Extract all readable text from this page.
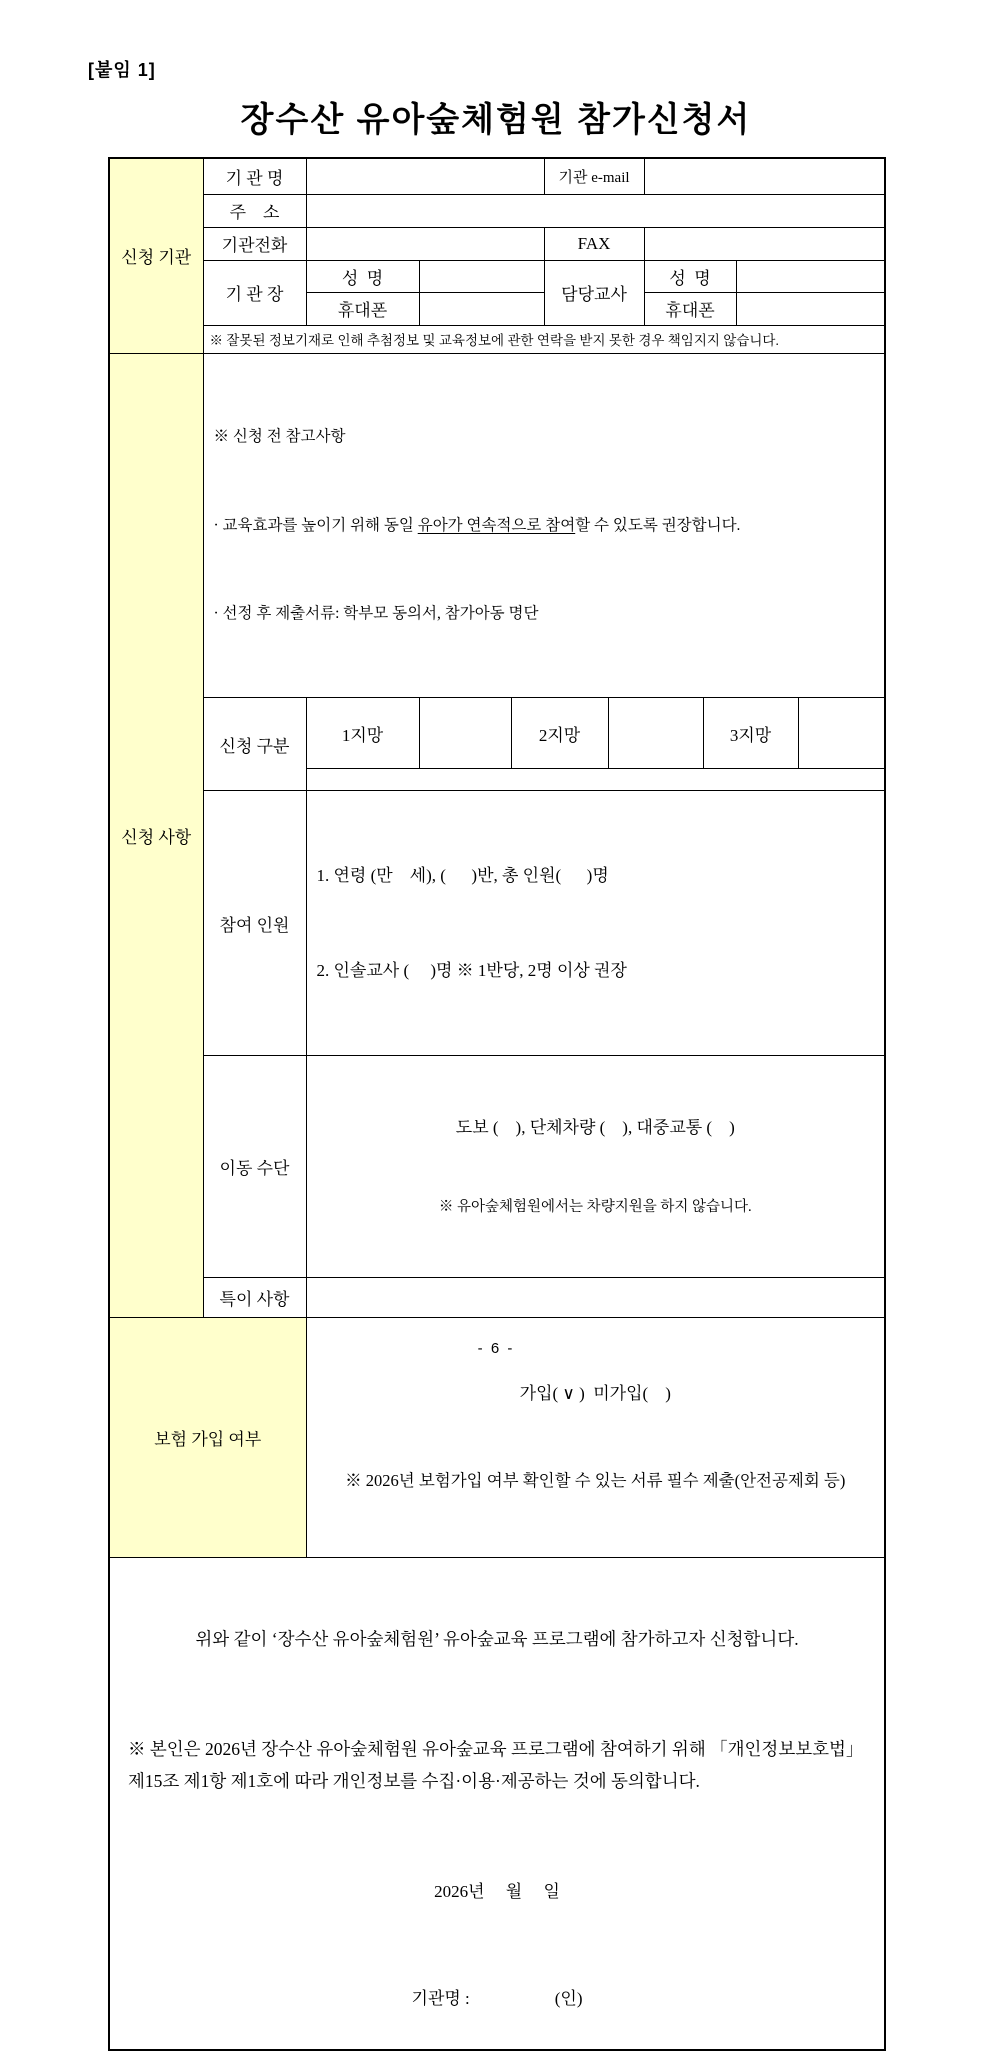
[붙임 1]
장수산 유아숲체험원 참가신청서
신청 기관	기 관 명				기관 e-mail					
	주    소									
	기관전화				FAX					
	기 관 장	성  명			담당교사		성  명			
		휴대폰					휴대폰			
	※ 잘못된 정보기재로 인해 추첨정보 및 교육정보에 관한 연락을 받지 못한 경우 책임지지 않습니다.									
신청 사항	※ 신청 전 참고사항

· 교육효과를 높이기 위해 동일 유아가 연속적으로 참여할 수 있도록 권장합니다.

· 선정 후 제출서류: 학부모 동의서, 참가아동 명단									

	신청 구분	1지망		2지망				3지망		

	참여 인원	1. 연령 (만    세), (      )반, 총 인원(      )명

2. 인솔교사 (     )명 ※ 1반당, 2명 이상 권장								

	이동 수단	도보 (    ), 단체차량 (    ), 대중교통 (    )

※ 유아숲체험원에서는 차량지원을 하지 않습니다.								

	특이 사항									
보험 가입 여부		가입( ∨ )  미가입(    )

※ 2026년 보험가입 여부 확인할 수 있는 서류 필수 제출(안전공제회 등)								

위와 같이 ‘장수산 유아숲체험원’ 유아숲교육 프로그램에 참가하고자 신청합니다.

※ 본인은 2026년 장수산 유아숲체험원 유아숲교육 프로그램에 참여하기 위해 「개인정보보호법」제15조 제1항 제1호에 따라 개인정보를 수집·이용·제공하는 것에 동의합니다.

2026년     월     일

기관명 :                    (인)										

- 6 -
